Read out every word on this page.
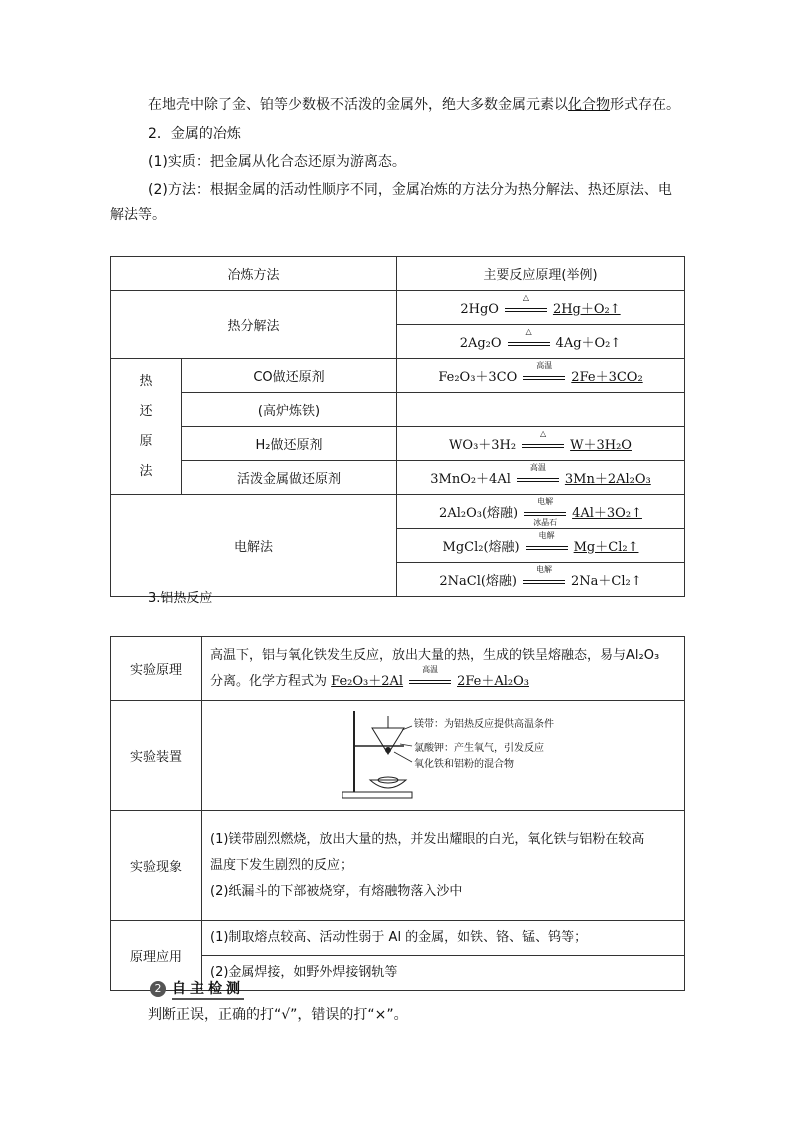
在地壳中除了金、铂等少数极不活泼的金属外，绝大多数金属元素以化合物形式存在。
2．金属的冶炼
(1)实质：把金属从化合态还原为游离态。
(2)方法：根据金属的活动性顺序不同，金属冶炼的方法分为热分解法、热还原法、电
解法等。
冶炼方法		主要反应原理(举例)
热分解法		2HgO
△
2Hg＋O₂↑
		2Ag₂O
△
4Ag＋O₂↑

热
还
原
法	CO做还原剂	Fe₂O₃＋3CO
高温
2Fe＋3CO₂
	(高炉炼铁)	
	H₂做还原剂	WO₃＋3H₂
△
W＋3H₂O
	活泼金属做还原剂	3MnO₂＋4Al
高温
3Mn＋2Al₂O₃
电解法		2Al₂O₃(熔融)
电解
冰晶石
4Al＋3O₂↑
		MgCl₂(熔融)
电解
Mg＋Cl₂↑
		2NaCl(熔融)
电解
2Na＋Cl₂↑
3.铝热反应
实验原理	高温下，铝与氧化铁发生反应，放出大量的热，生成的铁呈熔融态，易与Al₂O₃
分离。化学方程式为 Fe₂O₃＋2Al
高温
2Fe＋Al₂O₃

实验装置	镁带：为铝热反应提供高温条件
氯酸钾：产生氧气，引发反应
氧化铁和铝粉的混合物

实验现象	(1)镁带剧烈燃烧，放出大量的热，并发出耀眼的白光，氧化铁与铝粉在较高
温度下发生剧烈的反应；
(2)纸漏斗的下部被烧穿，有熔融物落入沙中

原理应用	(1)制取熔点较高、活动性弱于 Al 的金属，如铁、铬、锰、钨等；
	(2)金属焊接，如野外焊接钢轨等
2 自主检测
判断正误，正确的打“√”，错误的打“×”。
